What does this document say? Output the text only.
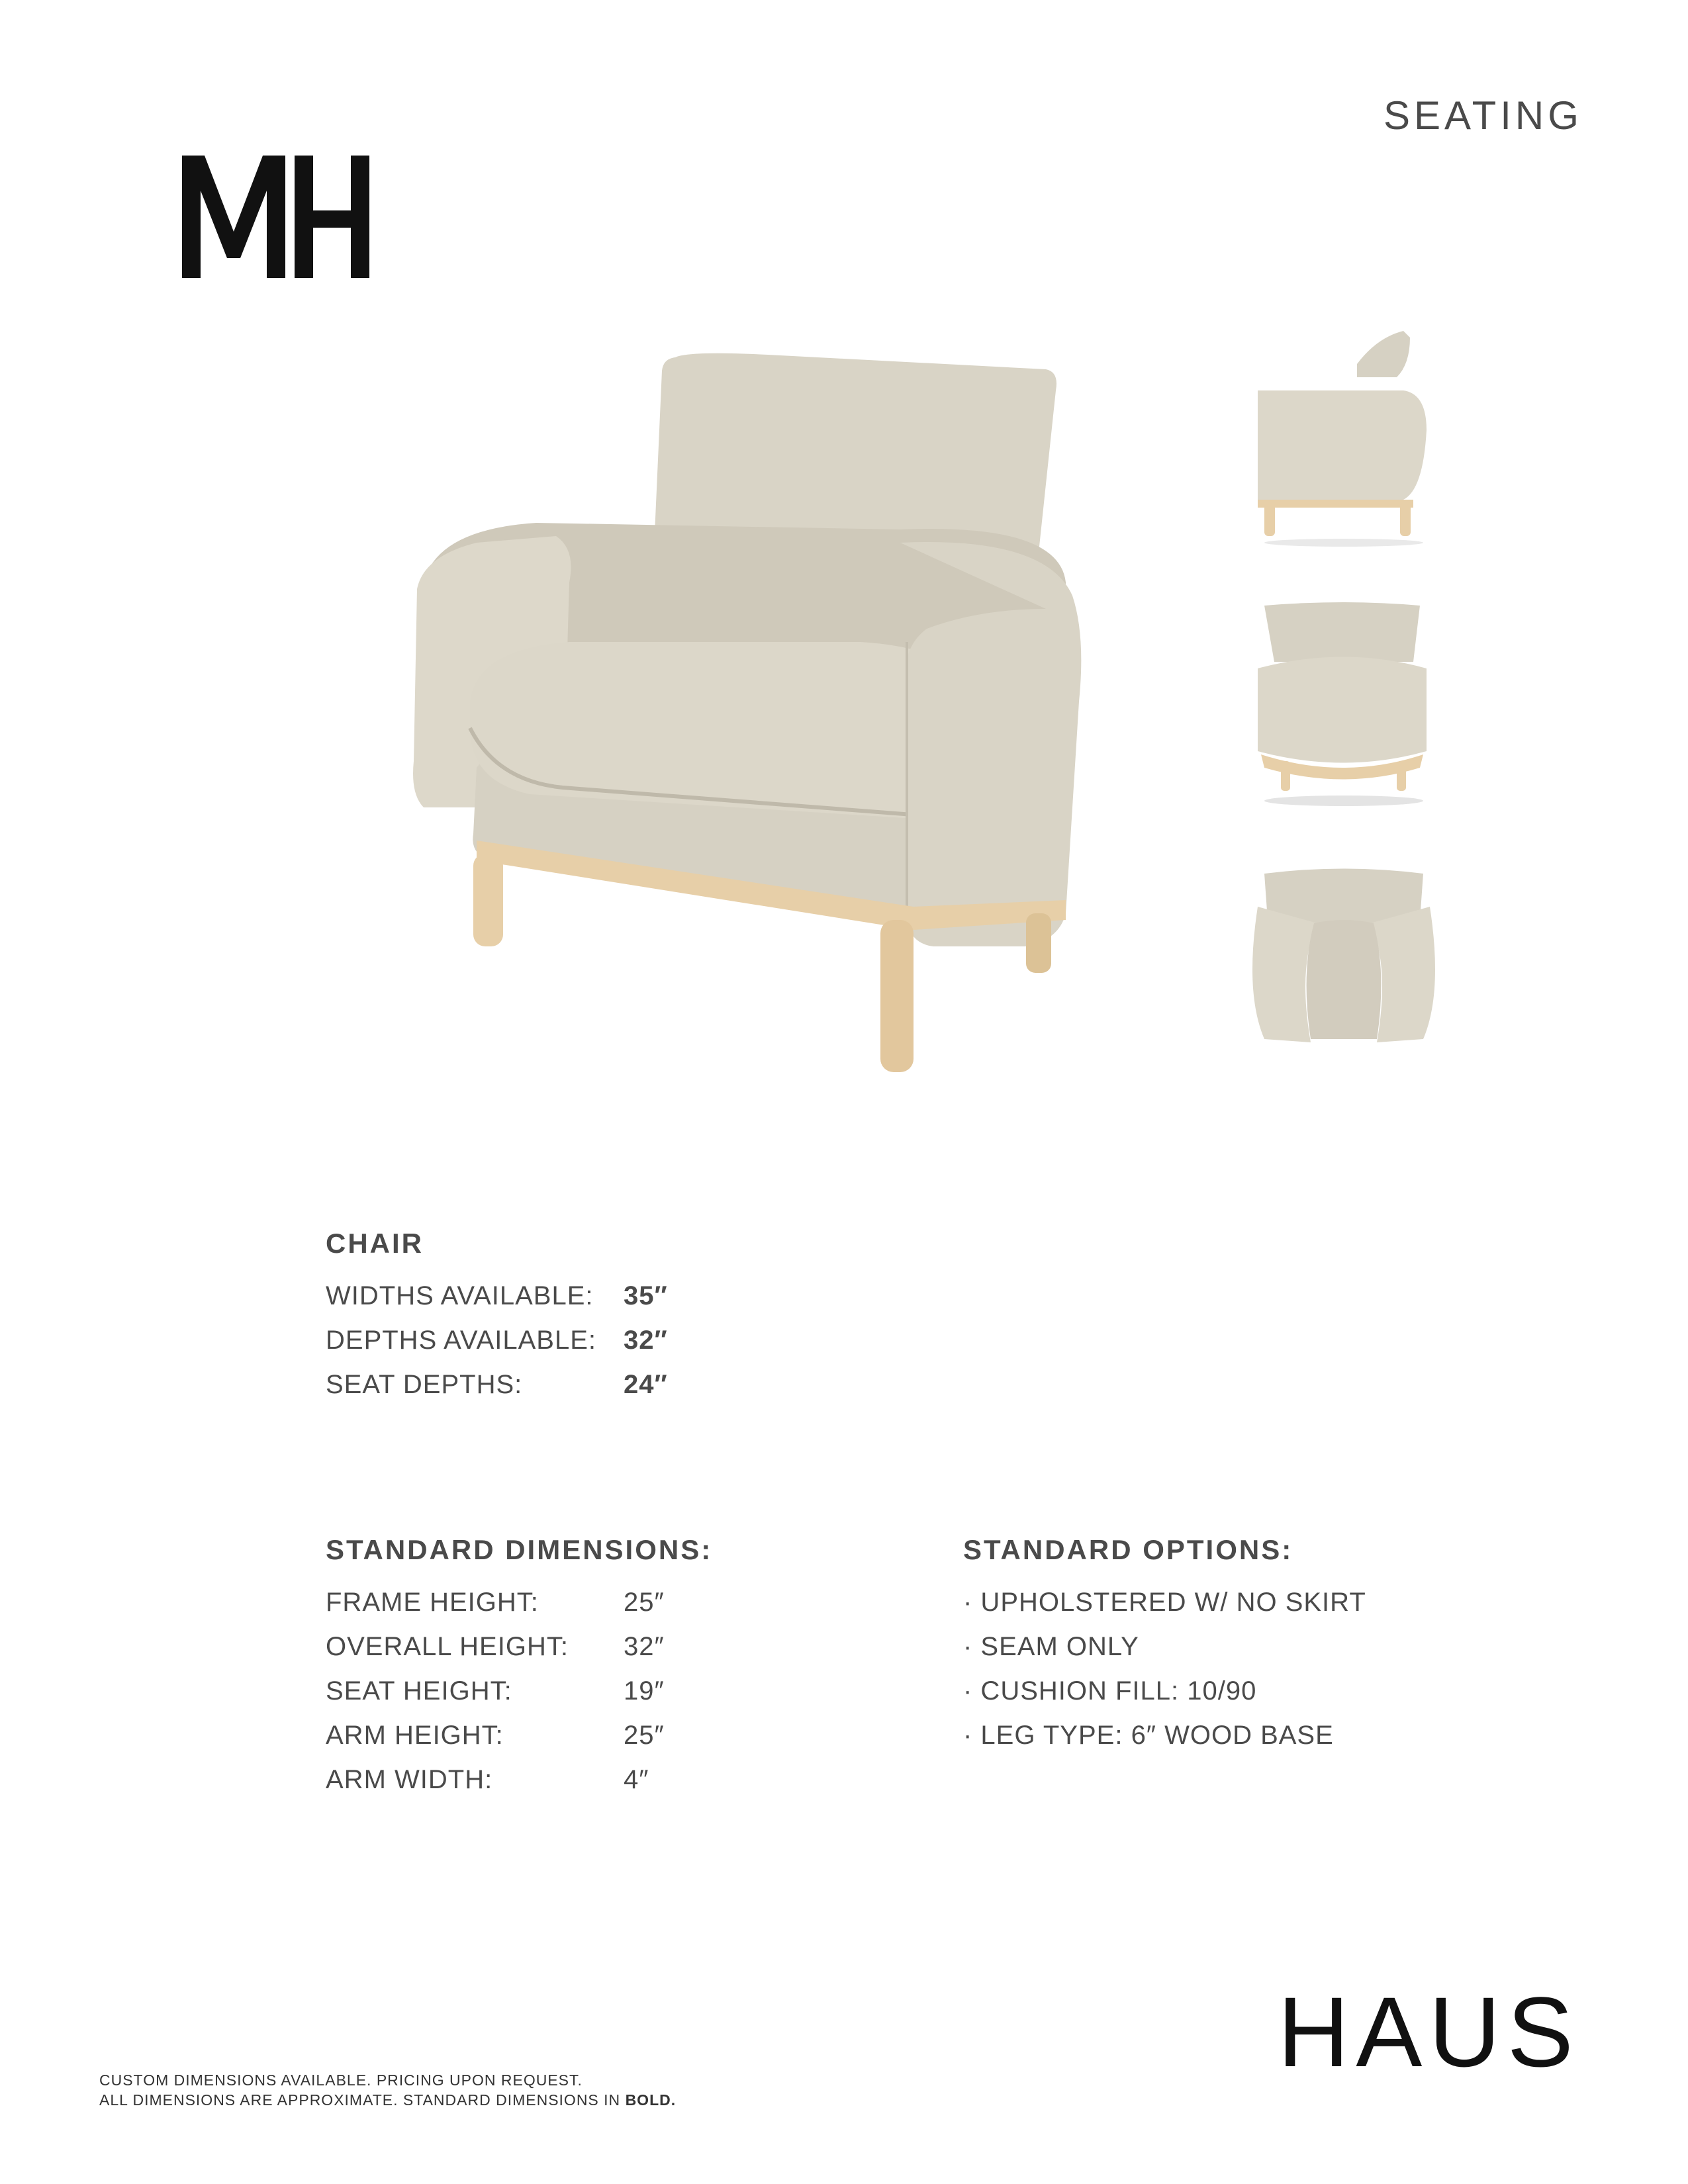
SEATING
CHAIR
WIDTHS AVAILABLE:	35″
DEPTHS AVAILABLE:	32″
SEAT DEPTHS:	24″
STANDARD DIMENSIONS:
FRAME HEIGHT:	25″
OVERALL HEIGHT:	32″
SEAT HEIGHT:	19″
ARM HEIGHT:	25″
ARM WIDTH:	4″
STANDARD OPTIONS:
· UPHOLSTERED W/ NO SKIRT
· SEAM ONLY
· CUSHION FILL: 10/90
· LEG TYPE: 6″ WOOD BASE
HAUS
CUSTOM DIMENSIONS AVAILABLE. PRICING UPON REQUEST.
ALL DIMENSIONS ARE APPROXIMATE. STANDARD DIMENSIONS IN BOLD.
